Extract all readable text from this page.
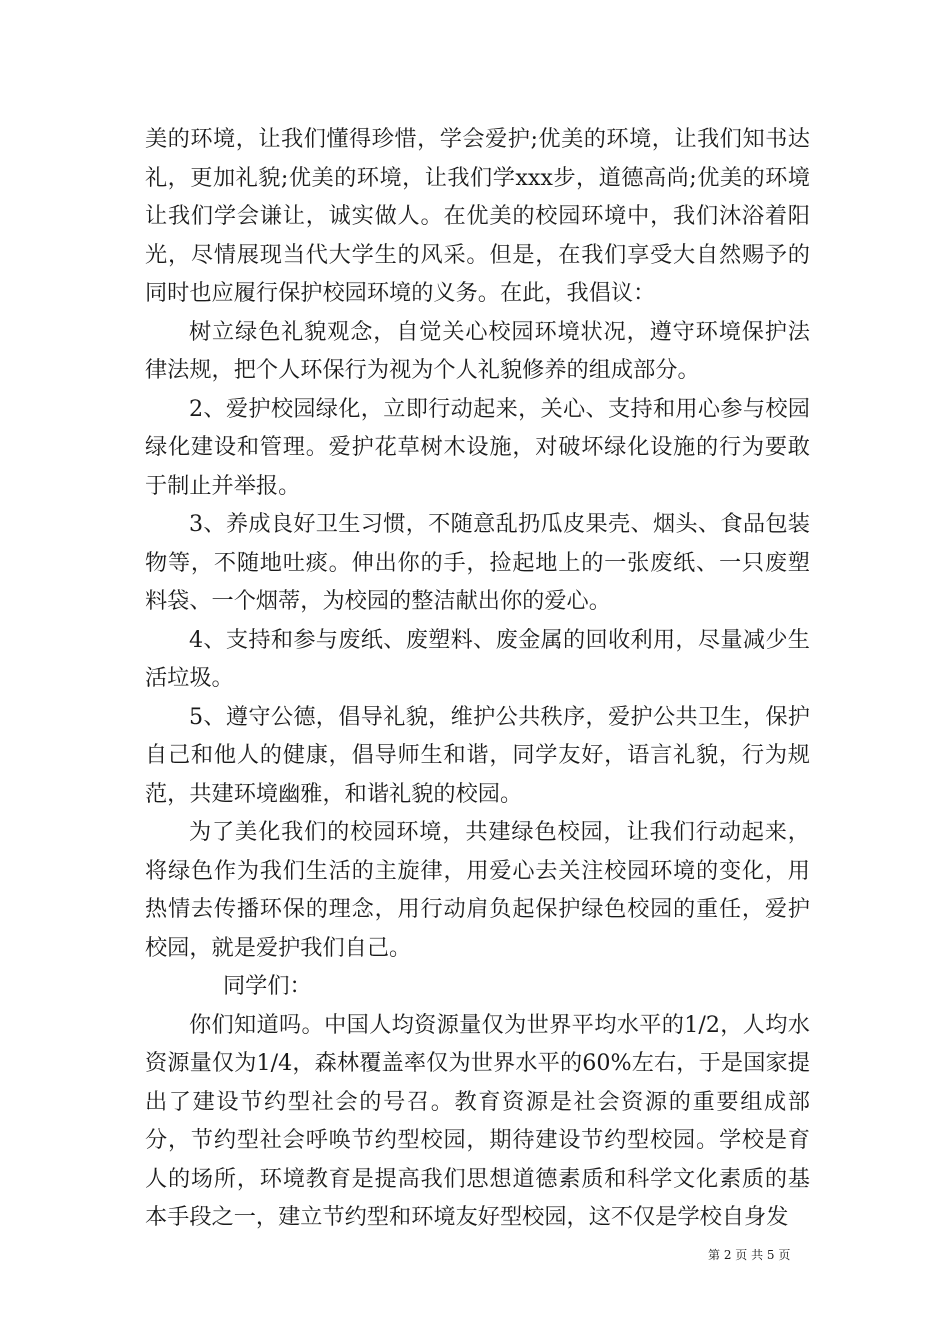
美的环境，让我们懂得珍惜，学会爱护;优美的环境，让我们知书达礼，更加礼貌;优美的环境，让我们学xxx步，道德高尚;优美的环境让我们学会谦让，诚实做人。在优美的校园环境中，我们沐浴着阳光，尽情展现当代大学生的风采。但是，在我们享受大自然赐予的同时也应履行保护校园环境的义务。在此，我倡议：

树立绿色礼貌观念，自觉关心校园环境状况，遵守环境保护法律法规，把个人环保行为视为个人礼貌修养的组成部分。

2、爱护校园绿化，立即行动起来，关心、支持和用心参与校园绿化建设和管理。爱护花草树木设施，对破坏绿化设施的行为要敢于制止并举报。

3、养成良好卫生习惯，不随意乱扔瓜皮果壳、烟头、食品包装物等，不随地吐痰。伸出你的手，捡起地上的一张废纸、一只废塑料袋、一个烟蒂，为校园的整洁献出你的爱心。

4、支持和参与废纸、废塑料、废金属的回收利用，尽量减少生活垃圾。

5、遵守公德，倡导礼貌，维护公共秩序，爱护公共卫生，保护自己和他人的健康，倡导师生和谐，同学友好，语言礼貌，行为规范，共建环境幽雅，和谐礼貌的校园。

为了美化我们的校园环境，共建绿色校园，让我们行动起来，将绿色作为我们生活的主旋律，用爱心去关注校园环境的变化，用热情去传播环保的理念，用行动肩负起保护绿色校园的重任，爱护校园，就是爱护我们自己。

同学们：

你们知道吗。中国人均资源量仅为世界平均水平的1/2，人均水资源量仅为1/4，森林覆盖率仅为世界水平的60%左右，于是国家提出了建设节约型社会的号召。教育资源是社会资源的重要组成部分，节约型社会呼唤节约型校园，期待建设节约型校园。学校是育人的场所，环境教育是提高我们思想道德素质和科学文化素质的基本手段之一，建立节约型和环境友好型校园，这不仅是学校自身发

第 2 页 共 5 页
